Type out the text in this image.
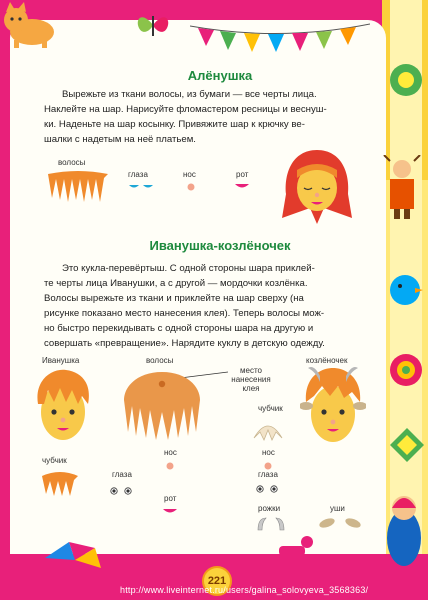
Алёнушка
Вырежьте из ткани волосы, из бумаги — все черты лица.
Наклейте на шар. Нарисуйте фломастером ресницы и веснуш-
ки. Наденьте на шар косынку. Привяжите шар к крючку ве-
шалки с надетым на неё платьем.
волосы
глаза	нос	рот
Иванушка-козлёночек
Это кукла-перевёртыш. С одной стороны шара приклей-
те черты лица Иванушки, а с другой — мордочки козлёнка.
Волосы вырежьте из ткани и приклейте на шар сверху (на
рисунке показано место нанесения клея). Теперь волосы мож-
но быстро перекидывать с одной стороны шара на другую и
совершать «превращение». Нарядите куклу в детскую одежду.
Иванушка	волосы	козлёночек
место
нанесения
клея
чубчик
нос	нос
чубчик
глаза	глаза
рожки	уши
рот
221
http://www.liveinternet.ru/users/galina_solovyeva_3568363/
